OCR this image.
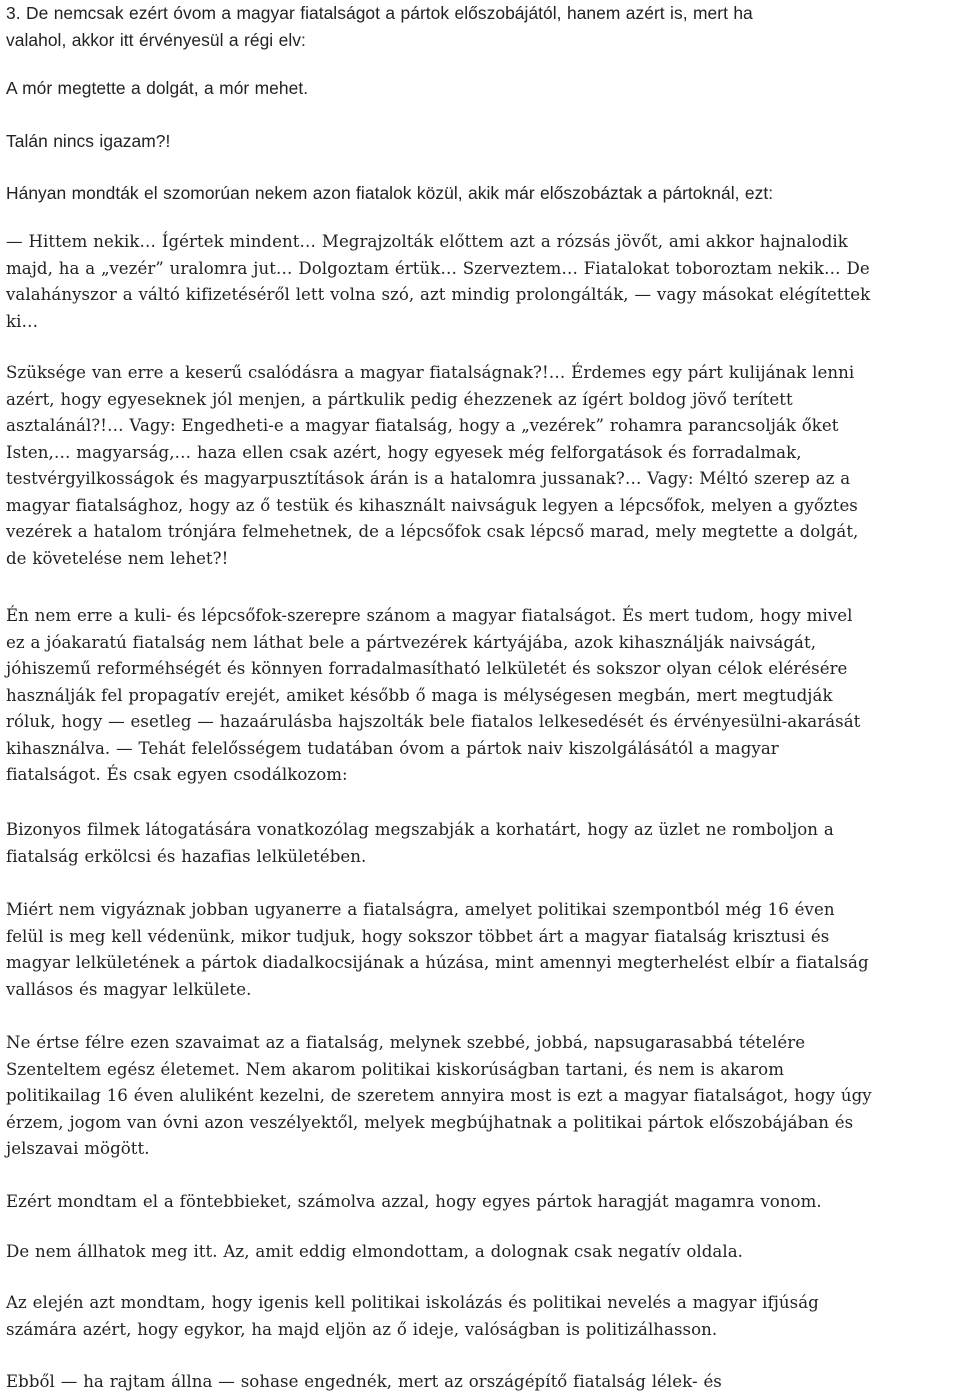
3. De nemcsak ezért óvom a magyar fiatalságot a pártok előszobájától, hanem azért is, mert ha
valahol, akkor itt érvényesül a régi elv:

A mór megtette a dolgát, a mór mehet.

Talán nincs igazam?!

Hányan mondták el szomorúan nekem azon fiatalok közül, akik már előszobáztak a pártoknál, ezt:

— Hittem nekik… Ígértek mindent… Megrajzolták előttem azt a rózsás jövőt, ami akkor hajnalodik
majd, ha a „vezér” uralomra jut… Dolgoztam értük… Szerveztem… Fiatalokat toboroztam nekik… De
valahányszor a váltó kifizetéséről lett volna szó, azt mindig prolongálták, — vagy másokat elégítettek
ki…

Szüksége van erre a keserű csalódásra a magyar fiatalságnak?!… Érdemes egy párt kulijának lenni
azért, hogy egyeseknek jól menjen, a pártkulik pedig éhezzenek az ígért boldog jövő terített
asztalánál?!… Vagy: Engedheti-e a magyar fiatalság, hogy a „vezérek” rohamra parancsolják őket
Isten,… magyarság,… haza ellen csak azért, hogy egyesek még felforgatások és forradalmak,
testvérgyilkosságok és magyarpusztítások árán is a hatalomra jussanak?… Vagy: Méltó szerep az a
magyar fiatalsághoz, hogy az ő testük és kihasznált naivságuk legyen a lépcsőfok, melyen a győztes
vezérek a hatalom trónjára felmehetnek, de a lépcsőfok csak lépcső marad, mely megtette a dolgát,
de követelése nem lehet?!

Én nem erre a kuli- és lépcsőfok-szerepre szánom a magyar fiatalságot. És mert tudom, hogy mivel
ez a jóakaratú fiatalság nem láthat bele a pártvezérek kártyájába, azok kihasználják naivságát,
jóhiszemű reforméhségét és könnyen forradalmasítható lelkületét és sokszor olyan célok elérésére
használják fel propagatív erejét, amiket később ő maga is mélységesen megbán, mert megtudják
róluk, hogy — esetleg — hazaárulásba hajszolták bele fiatalos lelkesedését és érvényesülni-akarását
kihasználva. — Tehát felelősségem tudatában óvom a pártok naiv kiszolgálásától a magyar
fiatalságot. És csak egyen csodálkozom:

Bizonyos filmek látogatására vonatkozólag megszabják a korhatárt, hogy az üzlet ne romboljon a
fiatalság erkölcsi és hazafias lelkületében.

Miért nem vigyáznak jobban ugyanerre a fiatalságra, amelyet politikai szempontból még 16 éven
felül is meg kell védenünk, mikor tudjuk, hogy sokszor többet árt a magyar fiatalság krisztusi és
magyar lelkületének a pártok diadalkocsijának a húzása, mint amennyi megterhelést elbír a fiatalság
vallásos és magyar lelkülete.

Ne értse félre ezen szavaimat az a fiatalság, melynek szebbé, jobbá, napsugarasabbá tételére
Szenteltem egész életemet. Nem akarom politikai kiskorúságban tartani, és nem is akarom
politikailag 16 éven aluliként kezelni, de szeretem annyira most is ezt a magyar fiatalságot, hogy úgy
érzem, jogom van óvni azon veszélyektől, melyek megbújhatnak a politikai pártok előszobájában és
jelszavai mögött.

Ezért mondtam el a föntebbieket, számolva azzal, hogy egyes pártok haragját magamra vonom.

De nem állhatok meg itt. Az, amit eddig elmondottam, a dolognak csak negatív oldala.

Az elején azt mondtam, hogy igenis kell politikai iskolázás és politikai nevelés a magyar ifjúság
számára azért, hogy egykor, ha majd eljön az ő ideje, valóságban is politizálhasson.

Ebből — ha rajtam állna — sohase engednék, mert az országépítő fiatalság lélek- és
